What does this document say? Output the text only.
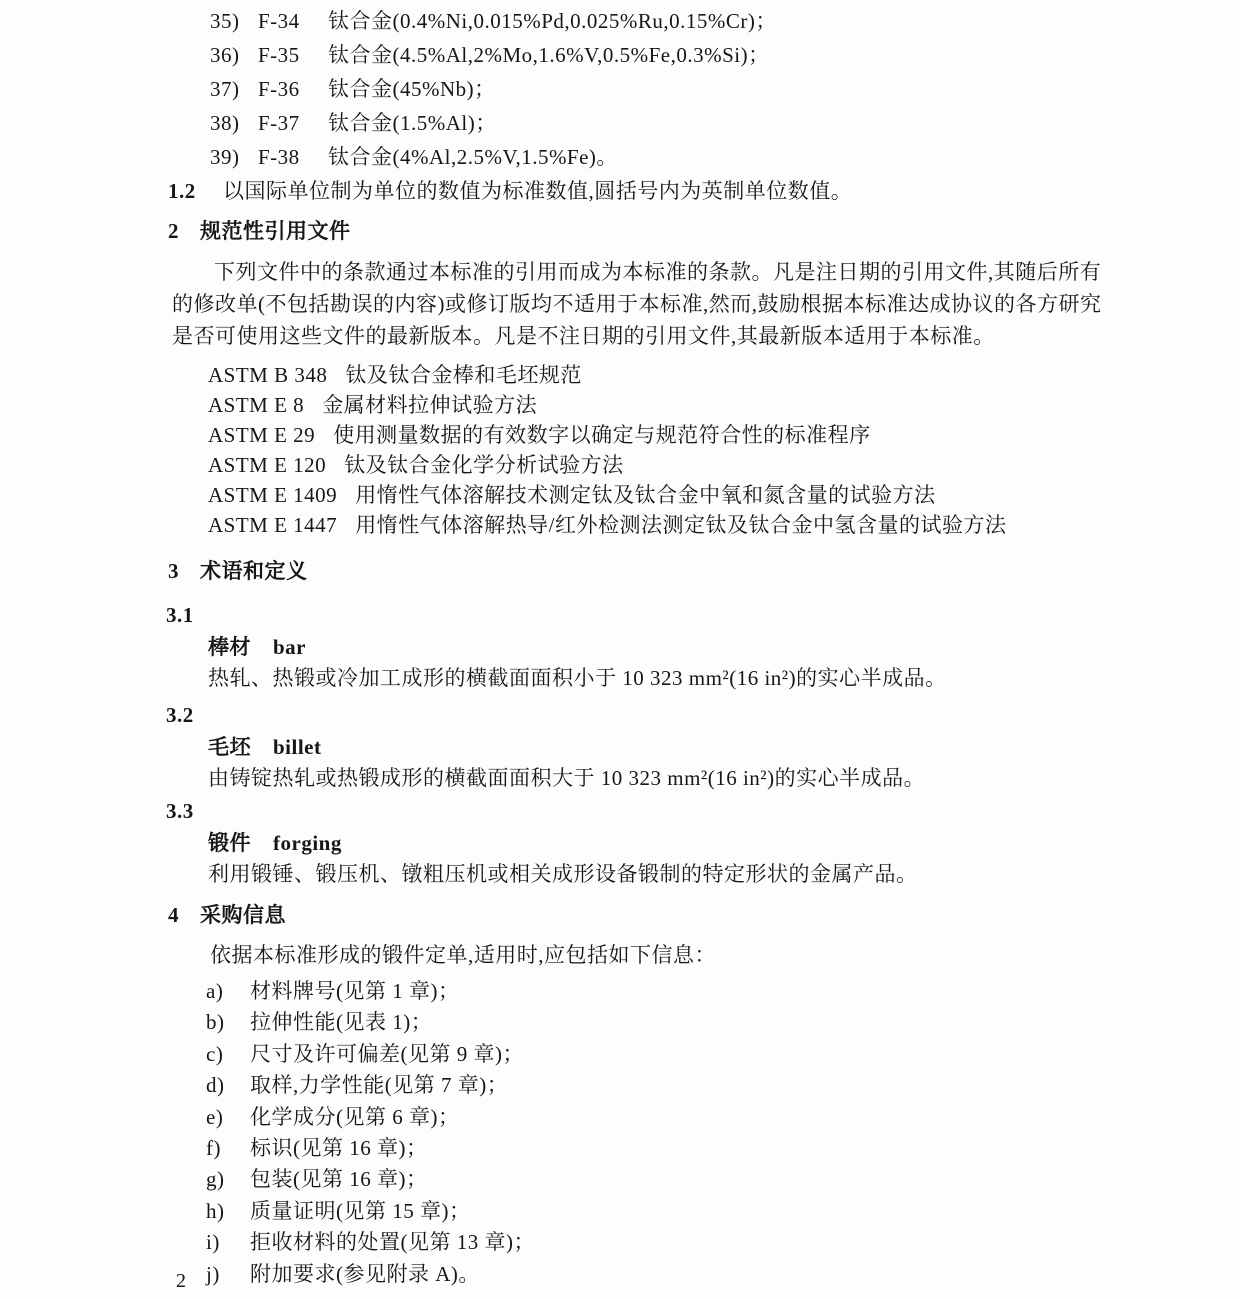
35) F-34 钛合金(0.4%Ni,0.015%Pd,0.025%Ru,0.15%Cr)；
36) F-35 钛合金(4.5%Al,2%Mo,1.6%V,0.5%Fe,0.3%Si)；
37) F-36 钛合金(45%Nb)；
38) F-37 钛合金(1.5%Al)；
39) F-38 钛合金(4%Al,2.5%V,1.5%Fe)。
1.2 以国际单位制为单位的数值为标准数值,圆括号内为英制单位数值。
2 规范性引用文件
下列文件中的条款通过本标准的引用而成为本标准的条款。凡是注日期的引用文件,其随后所有
的修改单(不包括勘误的内容)或修订版均不适用于本标准,然而,鼓励根据本标准达成协议的各方研究
是否可使用这些文件的最新版本。凡是不注日期的引用文件,其最新版本适用于本标准。
ASTM B 348 钛及钛合金棒和毛坯规范
ASTM E 8 金属材料拉伸试验方法
ASTM E 29 使用测量数据的有效数字以确定与规范符合性的标准程序
ASTM E 120 钛及钛合金化学分析试验方法
ASTM E 1409 用惰性气体溶解技术测定钛及钛合金中氧和氮含量的试验方法
ASTM E 1447 用惰性气体溶解热导/红外检测法测定钛及钛合金中氢含量的试验方法
3 术语和定义
3.1
棒材 bar
热轧、热锻或冷加工成形的横截面面积小于 10 323 mm²(16 in²)的实心半成品。
3.2
毛坯 billet
由铸锭热轧或热锻成形的横截面面积大于 10 323 mm²(16 in²)的实心半成品。
3.3
锻件 forging
利用锻锤、锻压机、镦粗压机或相关成形设备锻制的特定形状的金属产品。
4 采购信息
依据本标准形成的锻件定单,适用时,应包括如下信息：
a) 材料牌号(见第 1 章)；
b) 拉伸性能(见表 1)；
c) 尺寸及许可偏差(见第 9 章)；
d) 取样,力学性能(见第 7 章)；
e) 化学成分(见第 6 章)；
f) 标识(见第 16 章)；
g) 包装(见第 16 章)；
h) 质量证明(见第 15 章)；
i) 拒收材料的处置(见第 13 章)；
j) 附加要求(参见附录 A)。
2
